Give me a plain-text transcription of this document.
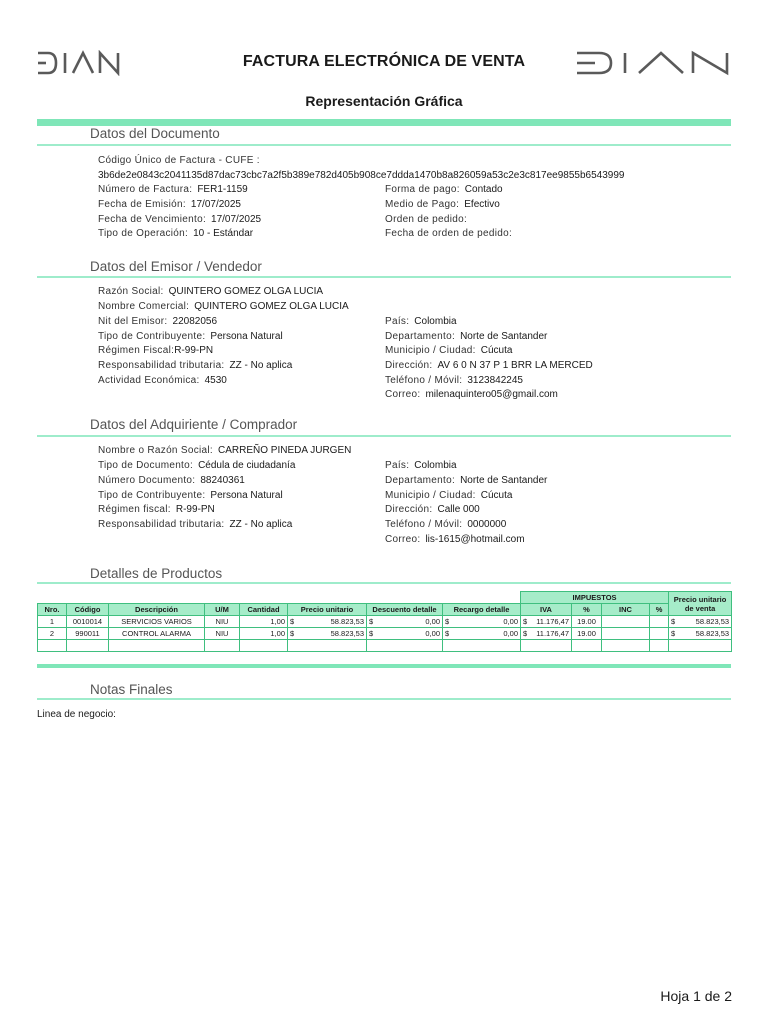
FACTURA ELECTRÓNICA DE VENTA
Representación Gráfica
Datos del Documento
Código Único de Factura - CUFE :
3b6de2e0843c2041135d87dac73cbc7a2f5b389e782d405b908ce7ddda1470b8a826059a53c2e3c817ee9855b6543999
Número de Factura: FER1-1159
Fecha de Emisión: 17/07/2025
Fecha de Vencimiento: 17/07/2025
Tipo de Operación: 10 - Estándar
Forma de pago: Contado
Medio de Pago: Efectivo
Orden de pedido:
Fecha de orden de pedido:
Datos del Emisor / Vendedor
Razón Social: QUINTERO GOMEZ OLGA LUCIA
Nombre Comercial: QUINTERO GOMEZ OLGA LUCIA
Nit del Emisor: 22082056
Tipo de Contribuyente: Persona Natural
Régimen Fiscal:R-99-PN
Responsabilidad tributaria: ZZ - No aplica
Actividad Económica: 4530
País: Colombia
Departamento: Norte de Santander
Municipio / Ciudad: Cúcuta
Dirección: AV 6 0 N 37 P 1 BRR LA MERCED
Teléfono / Móvil: 3123842245
Correo: milenaquintero05@gmail.com
Datos del Adquiriente / Comprador
Nombre o Razón Social: CARREÑO PINEDA JURGEN
Tipo de Documento: Cédula de ciudadanía
Número Documento: 88240361
Tipo de Contribuyente: Persona Natural
Régimen fiscal: R-99-PN
Responsabilidad tributaria: ZZ - No aplica
País: Colombia
Departamento: Norte de Santander
Municipio / Ciudad: Cúcuta
Dirección: Calle 000
Teléfono / Móvil: 0000000
Correo: lis-1615@hotmail.com
Detalles de Productos
								IMPUESTOS				Precio unitario de venta
Nro.	Código	Descripción	U/M	Cantidad	Precio unitario	Descuento detalle	Recargo detalle	IVA	%	INC	%	
1	0010014	SERVICIOS VARIOS	NIU	1,00	$ 58.823,53	$ 0,00	$ 0,00	$ 11.176,47	19.00			$ 58.823,53
2	990011	CONTROL ALARMA	NIU	1,00	$ 58.823,53	$ 0,00	$ 0,00	$ 11.176,47	19.00			$ 58.823,53

Notas Finales
Linea de negocio:
Hoja 1 de 2
